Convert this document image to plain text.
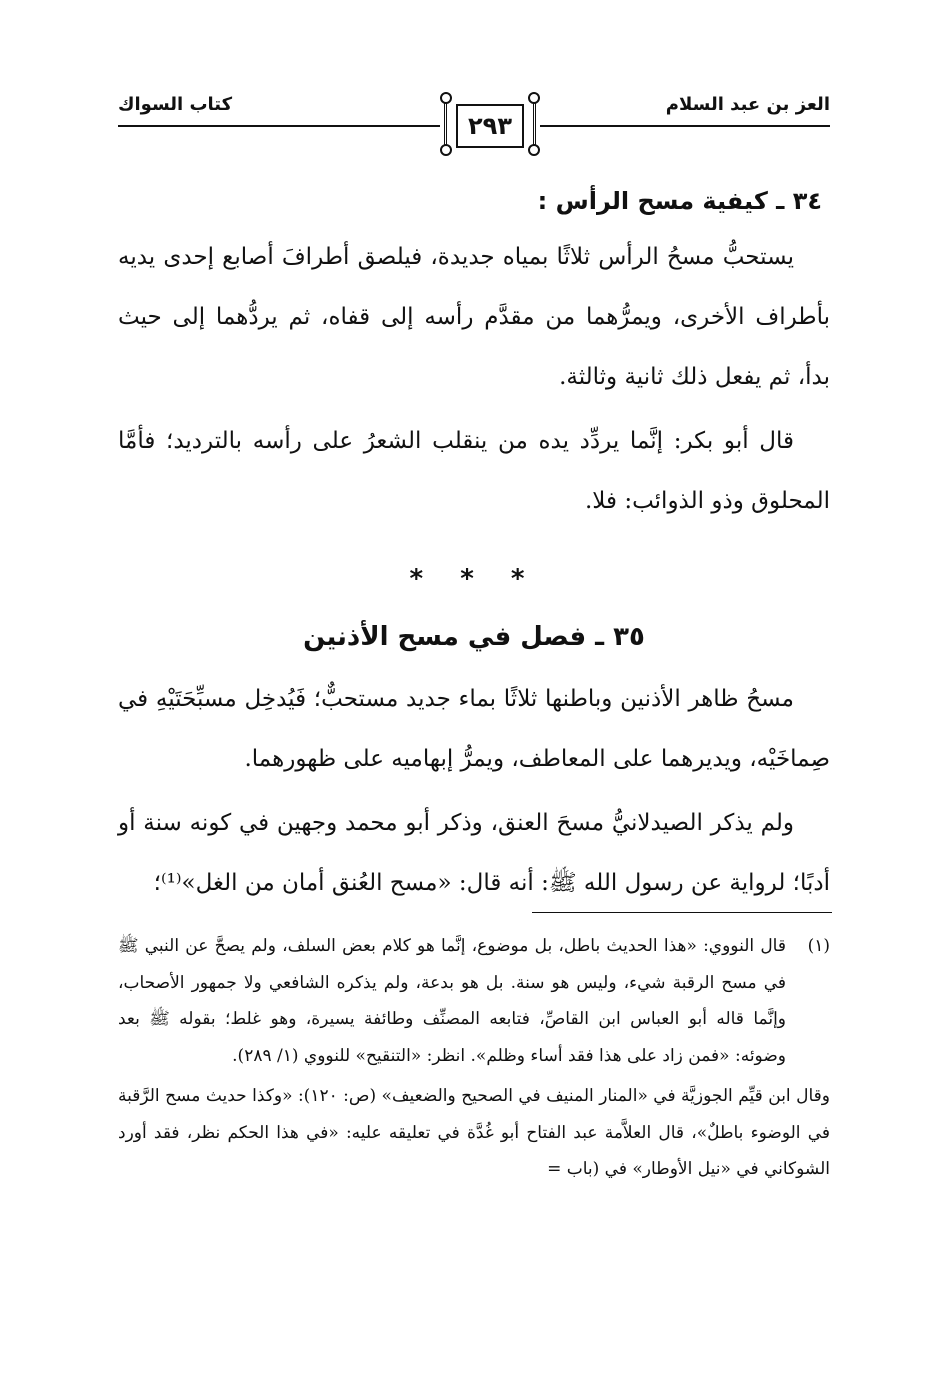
العز بن عبد السلام
كتاب السواك
٢٩٣
٣٤ ـ كيفية مسح الرأس :

يستحبُّ مسحُ الرأس ثلاثًا بمياه جديدة، فيلصق أطرافَ أصابع إحدى يديه بأطراف الأخرى، ويمرُّهما من مقدَّم رأسه إلى قفاه، ثم يردُّهما إلى حيث بدأ، ثم يفعل ذلك ثانية وثالثة.

قال أبو بكر: إنَّما يردِّد يده من ينقلب الشعرُ على رأسه بالترديد؛ فأمَّا المحلوق وذو الذوائب: فلا.

* * *
٣٥ ـ فصل في مسح الأذنين

مسحُ ظاهر الأذنين وباطنها ثلاثًا بماء جديد مستحبٌّ؛ فَيُدخِل مسبِّحَتَيْهِ في صِماخَيْه، ويديرهما على المعاطف، ويمرُّ إبهاميه على ظهورهما.

ولم يذكر الصيدلانيُّ مسحَ العنق، وذكر أبو محمد وجهين في كونه سنة أو أدبًا؛ لرواية عن رسول الله ﷺ: أنه قال: «مسح العُنق أمان من الغل»⁽¹⁾؛

(١)

قال النووي: «هذا الحديث باطل، بل موضوع، إنَّما هو كلام بعض السلف، ولم يصحَّ عن النبي ﷺ في مسح الرقبة شيء، وليس هو سنة. بل هو بدعة، ولم يذكره الشافعي ولا جمهور الأصحاب، وإنَّما قاله أبو العباس ابن القاصِّ، فتابعه المصنِّف وطائفة يسيرة، وهو غلط؛ بقوله ﷺ بعد وضوئه: «فمن زاد على هذا فقد أساء وظلم». انظر: «التنقيح» للنووي (١/ ٢٨٩).

وقال ابن قيِّم الجوزيَّة في «المنار المنيف في الصحيح والضعيف» (ص: ١٢٠): «وكذا حديث مسح الرَّقبة في الوضوء باطلٌ»، قال العلاَّمة عبد الفتاح أبو غُدَّة في تعليقه عليه: «في هذا الحكم نظر، فقد أورد الشوكاني في «نيل الأوطار» في (باب =
